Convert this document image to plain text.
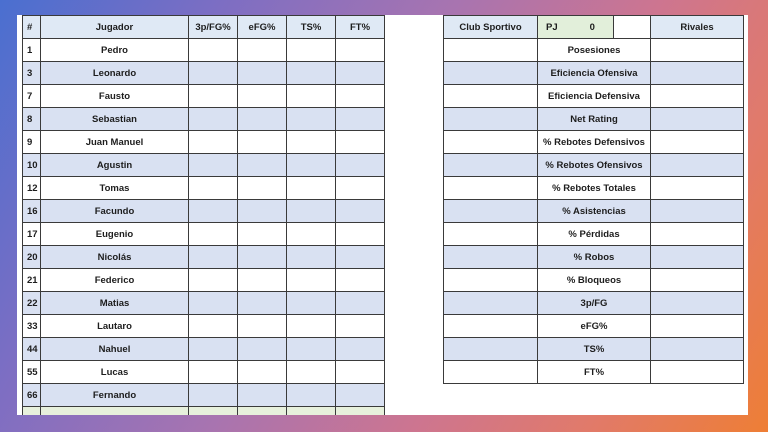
#	Jugador	3p/FG%	eFG%	TS%	FT%
1	Pedro				
3	Leonardo				
7	Fausto				
8	Sebastian				
9	Juan Manuel				
10	Agustin				
12	Tomas				
16	Facundo				
17	Eugenio				
20	Nicolás				
21	Federico				
22	Matias				
33	Lautaro				
44	Nahuel				
55	Lucas				
66	Fernando				

Club Sportivo	PJ 0		Rivales
	Posesiones		
	Eficiencia Ofensiva		
	Eficiencia Defensiva		
	Net Rating		
	% Rebotes Defensivos		
	% Rebotes Ofensivos		
	% Rebotes Totales		
	% Asistencias		
	% Pérdidas		
	% Robos		
	% Bloqueos		
	3p/FG		
	eFG%		
	TS%		
	FT%		
